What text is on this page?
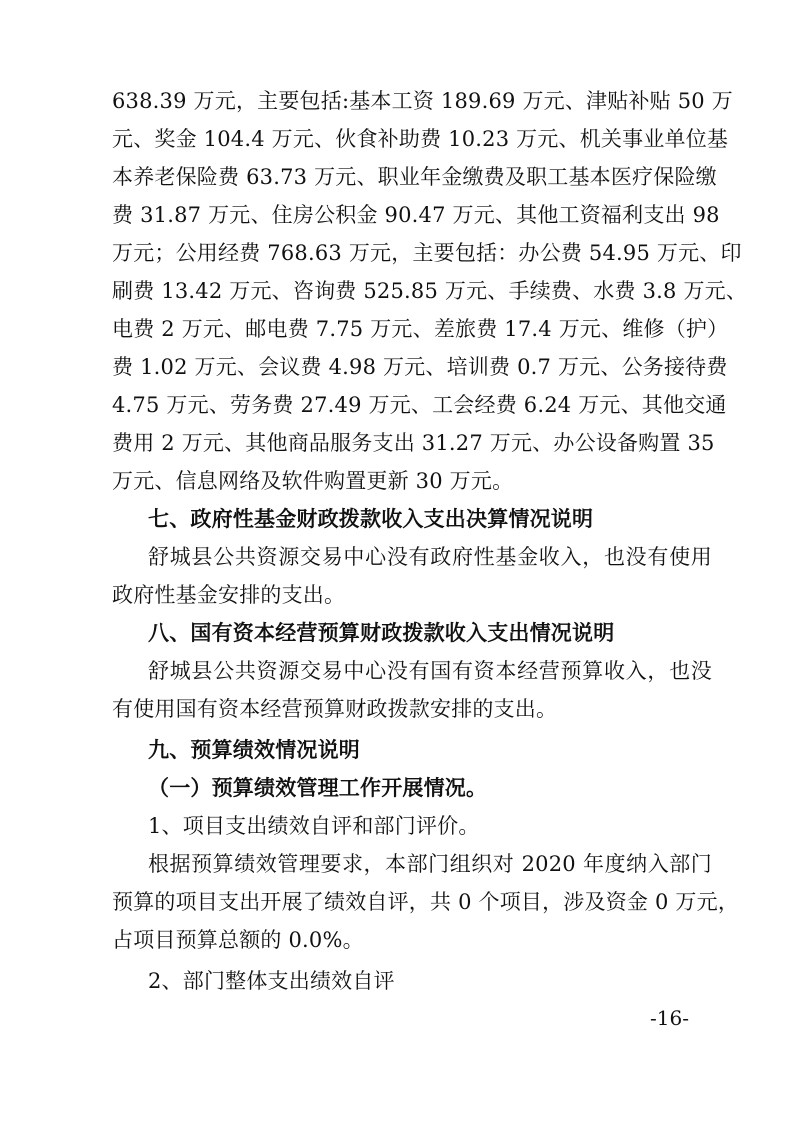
638.39 万元，主要包括:基本工资 189.69 万元、津贴补贴 50 万
元、奖金 104.4 万元、伙食补助费 10.23 万元、机关事业单位基
本养老保险费 63.73 万元、职业年金缴费及职工基本医疗保险缴
费 31.87 万元、住房公积金 90.47 万元、其他工资福利支出 98
万元；公用经费 768.63 万元，主要包括：办公费 54.95 万元、印
刷费 13.42 万元、咨询费 525.85 万元、手续费、水费 3.8 万元、
电费 2 万元、邮电费 7.75 万元、差旅费 17.4 万元、维修（护）
费 1.02 万元、会议费 4.98 万元、培训费 0.7 万元、公务接待费
4.75 万元、劳务费 27.49 万元、工会经费 6.24 万元、其他交通
费用 2 万元、其他商品服务支出 31.27 万元、办公设备购置 35
万元、信息网络及软件购置更新 30 万元。
七、政府性基金财政拨款收入支出决算情况说明
舒城县公共资源交易中心没有政府性基金收入，也没有使用
政府性基金安排的支出。
八、国有资本经营预算财政拨款收入支出情况说明
舒城县公共资源交易中心没有国有资本经营预算收入，也没
有使用国有资本经营预算财政拨款安排的支出。
九、预算绩效情况说明
（一）预算绩效管理工作开展情况。
1、项目支出绩效自评和部门评价。
根据预算绩效管理要求，本部门组织对 2020 年度纳入部门
预算的项目支出开展了绩效自评，共 0 个项目，涉及资金 0 万元，
占项目预算总额的 0.0%。
2、部门整体支出绩效自评
-16-
